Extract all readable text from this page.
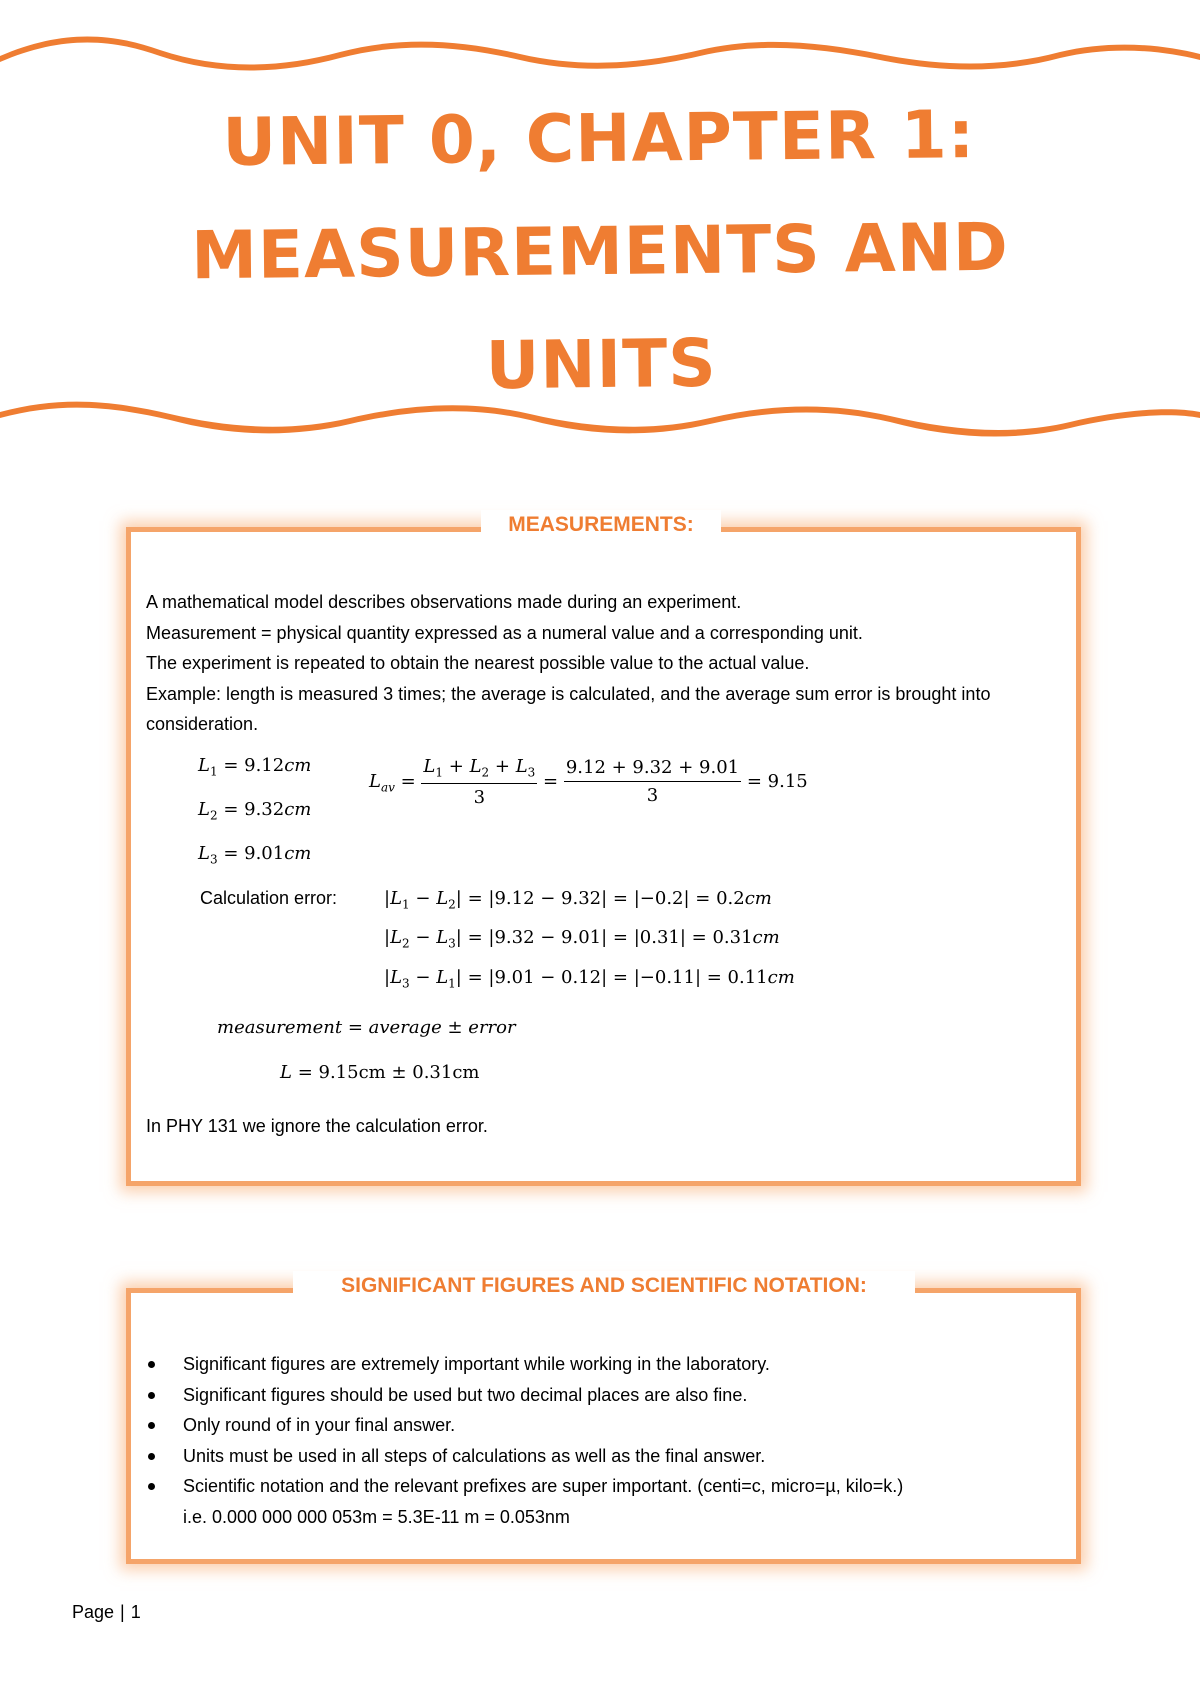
UNIT 0, CHAPTER 1:
MEASUREMENTS AND
UNITS
MEASUREMENTS:

A mathematical model describes observations made during an experiment.

Measurement = physical quantity expressed as a numeral value and a corresponding unit.

The experiment is repeated to obtain the nearest possible value to the actual value.

Example: length is measured 3 times; the average is calculated, and the average sum error is brought into consideration.

$L_1 = 9.12cm$
$L_2 = 9.32cm$
$L_3 = 9.01cm$
$L_{av} = \frac{L_1 + L_2 + L_3}{3} = \frac{9.12 + 9.32 + 9.01}{3} = 9.15$
Calculation error:	$|L_1 - L_2| = |9.12 - 9.32| = |-0.2| = 0.2cm$
$|L_2 - L_3| = |9.32 - 9.01| = |0.31| = 0.31cm$
$|L_3 - L_1| = |9.01 - 0.12| = |-0.11| = 0.11cm$
measurement = average ± error
L = 9.15cm ± 0.31cm
In PHY 131 we ignore the calculation error.
SIGNIFICANT FIGURES AND SCIENTIFIC NOTATION:
Significant figures are extremely important while working in the laboratory.
Significant figures should be used but two decimal places are also fine.
Only round of in your final answer.
Units must be used in all steps of calculations as well as the final answer.
Scientific notation and the relevant prefixes are super important. (centi=c, micro=µ, kilo=k.)
i.e. 0.000 000 000 053m = 5.3E-11 m = 0.053nm
Page | 1
